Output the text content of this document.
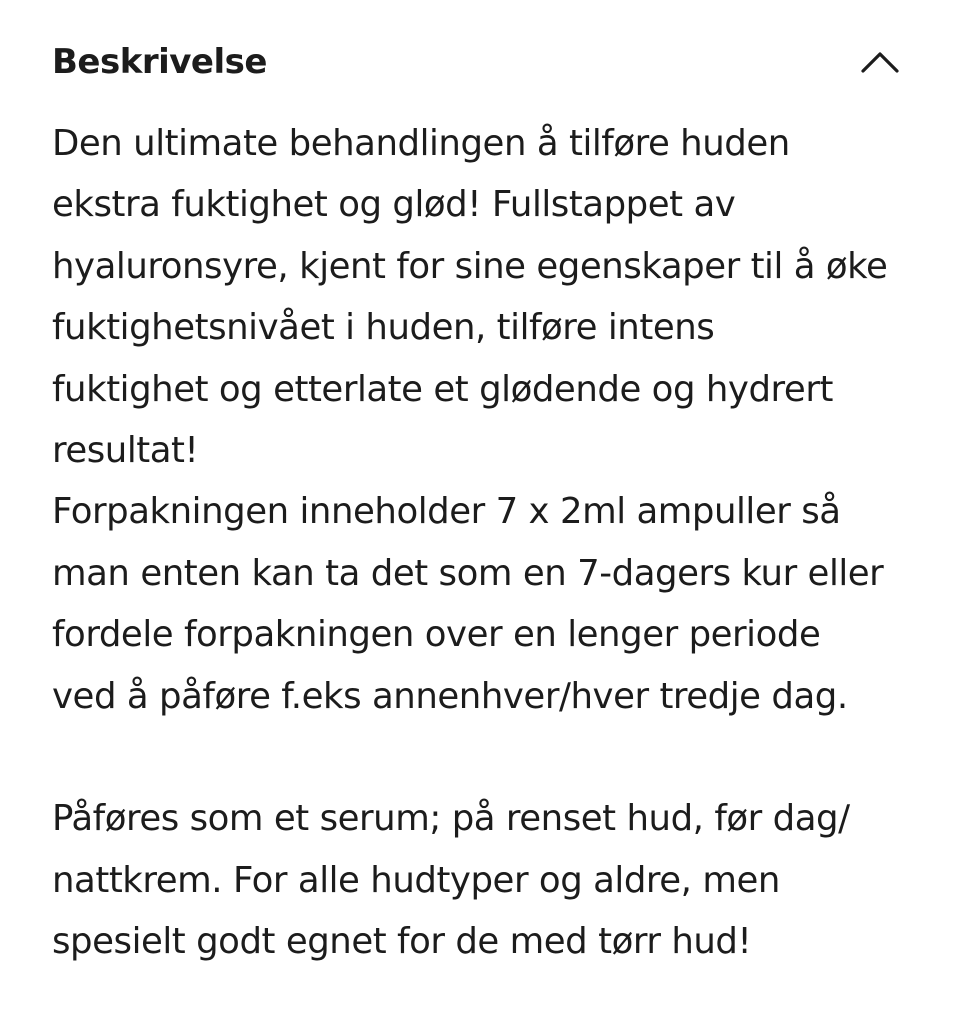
Beskrivelse
Den ultimate behandlingen å tilføre huden
ekstra fuktighet og glød! Fullstappet av
hyaluronsyre, kjent for sine egenskaper til å øke
fuktighetsnivået i huden, tilføre intens
fuktighet og etterlate et glødende og hydrert
resultat!
Forpakningen inneholder 7 x 2ml ampuller så
man enten kan ta det som en 7-dagers kur eller
fordele forpakningen over en lenger periode
ved å påføre f.eks annenhver/hver tredje dag.
Påføres som et serum; på renset hud, før dag/
nattkrem. For alle hudtyper og aldre, men
spesielt godt egnet for de med tørr hud!
